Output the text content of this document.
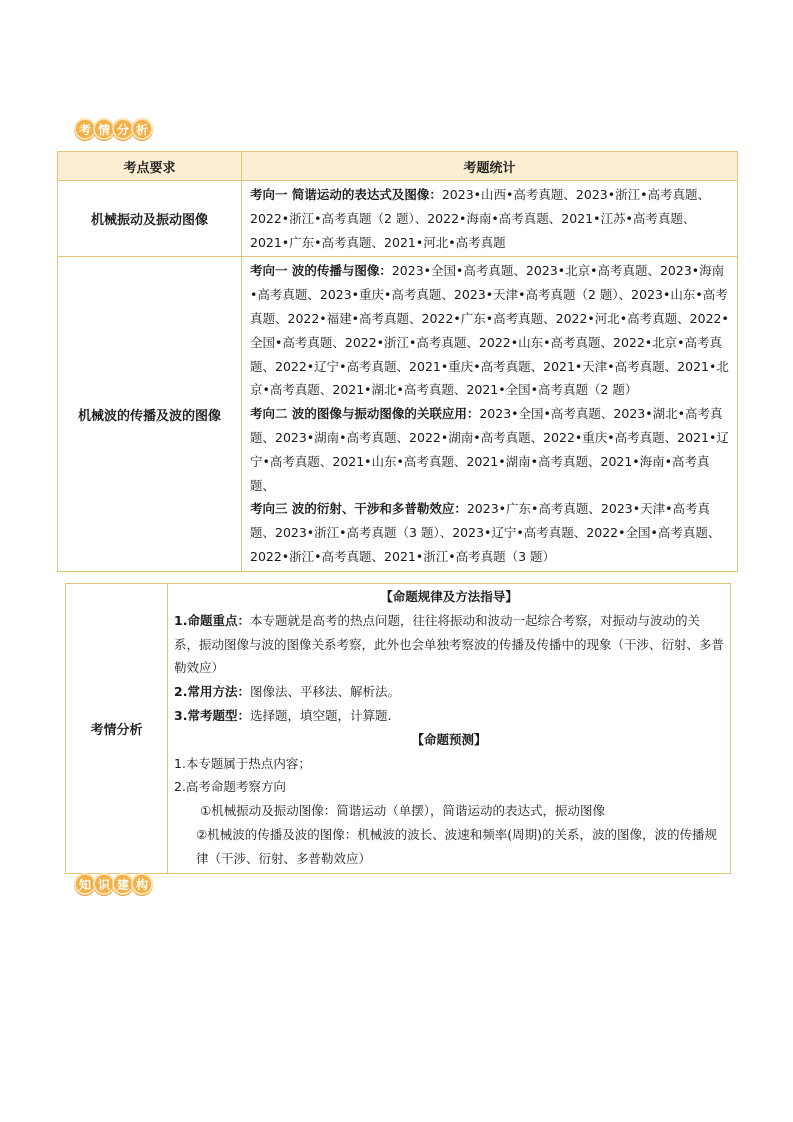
考 情 分 析
考点要求	考题统计
机械振动及振动图像	考向一 简谐运动的表达式及图像：2023•山西•高考真题、2023•浙江•高考真题、2022•浙江•高考真题（2 题）、2022•海南•高考真题、2021•江苏•高考真题、2021•广东•高考真题、2021•河北•高考真题

机械波的传播及波的图像	考向一 波的传播与图像：2023•全国•高考真题、2023•北京•高考真题、2023•海南•高考真题、2023•重庆•高考真题、2023•天津•高考真题（2 题）、2023•山东•高考真题、2022•福建•高考真题、2022•广东•高考真题、2022•河北•高考真题、2022•全国•高考真题、2022•浙江•高考真题、2022•山东•高考真题、2022•北京•高考真题、2022•辽宁•高考真题、2021•重庆•高考真题、2021•天津•高考真题、2021•北京•高考真题、2021•湖北•高考真题、2021•全国•高考真题（2 题）
考向二 波的图像与振动图像的关联应用：2023•全国•高考真题、2023•湖北•高考真题、2023•湖南•高考真题、2022•湖南•高考真题、2022•重庆•高考真题、2021•辽宁•高考真题、2021•山东•高考真题、2021•湖南•高考真题、2021•海南•高考真题、
考向三 波的衍射、干涉和多普勒效应：2023•广东•高考真题、2023•天津•高考真题、2023•浙江•高考真题（3 题）、2023•辽宁•高考真题、2022•全国•高考真题、2022•浙江•高考真题、2021•浙江•高考真题（3 题）
考情分析	
【命题规律及方法指导】
1.命题重点：本专题就是高考的热点问题，往往将振动和波动一起综合考察，对振动与波动的关系，振动图像与波的图像关系考察，此外也会单独考察波的传播及传播中的现象（干涉、衍射、多普勒效应）
2.常用方法：图像法、平移法、解析法。
3.常考题型：选择题，填空题，计算题.
【命题预测】
1.本专题属于热点内容；
2.高考命题考察方向
①机械振动及振动图像：简谐运动（单摆），简谐运动的表达式，振动图像
②机械波的传播及波的图像：机械波的波长、波速和频率(周期)的关系，波的图像，波的传播规律（干涉、衍射、多普勒效应）
知 识 建 构
